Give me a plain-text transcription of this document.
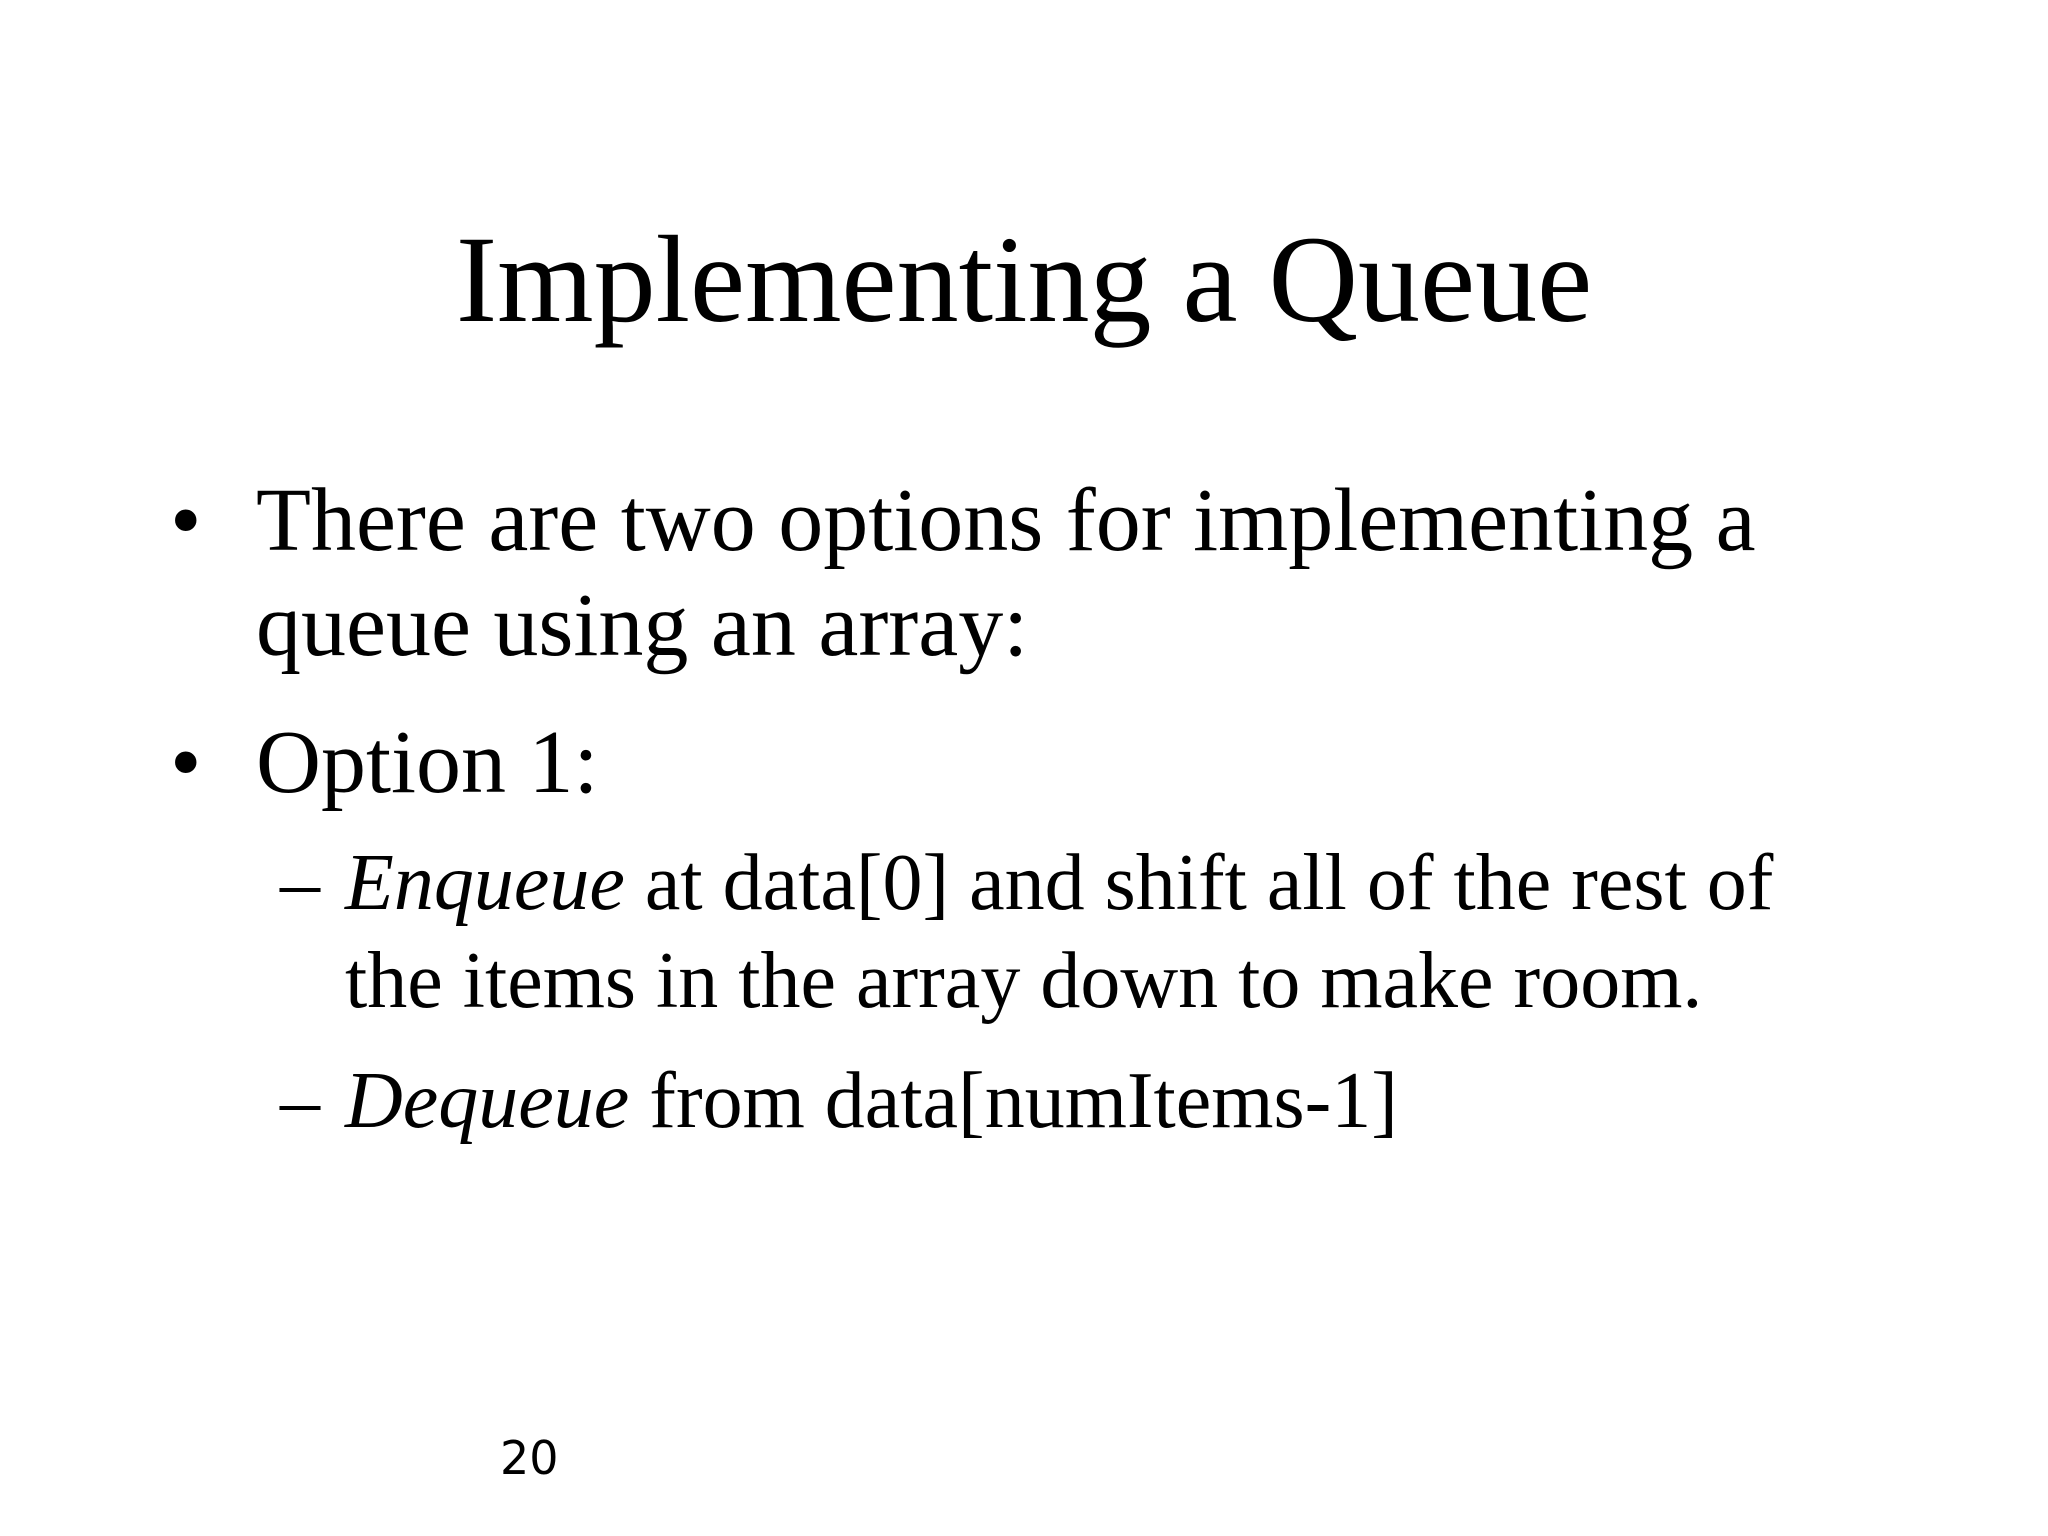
Implementing a Queue
• There are two options for implementing a
queue using an array:
• Option 1:
– Enqueue at data[0] and shift all of the rest of
the items in the array down to make room.
– Dequeue from data[numItems-1]
20
